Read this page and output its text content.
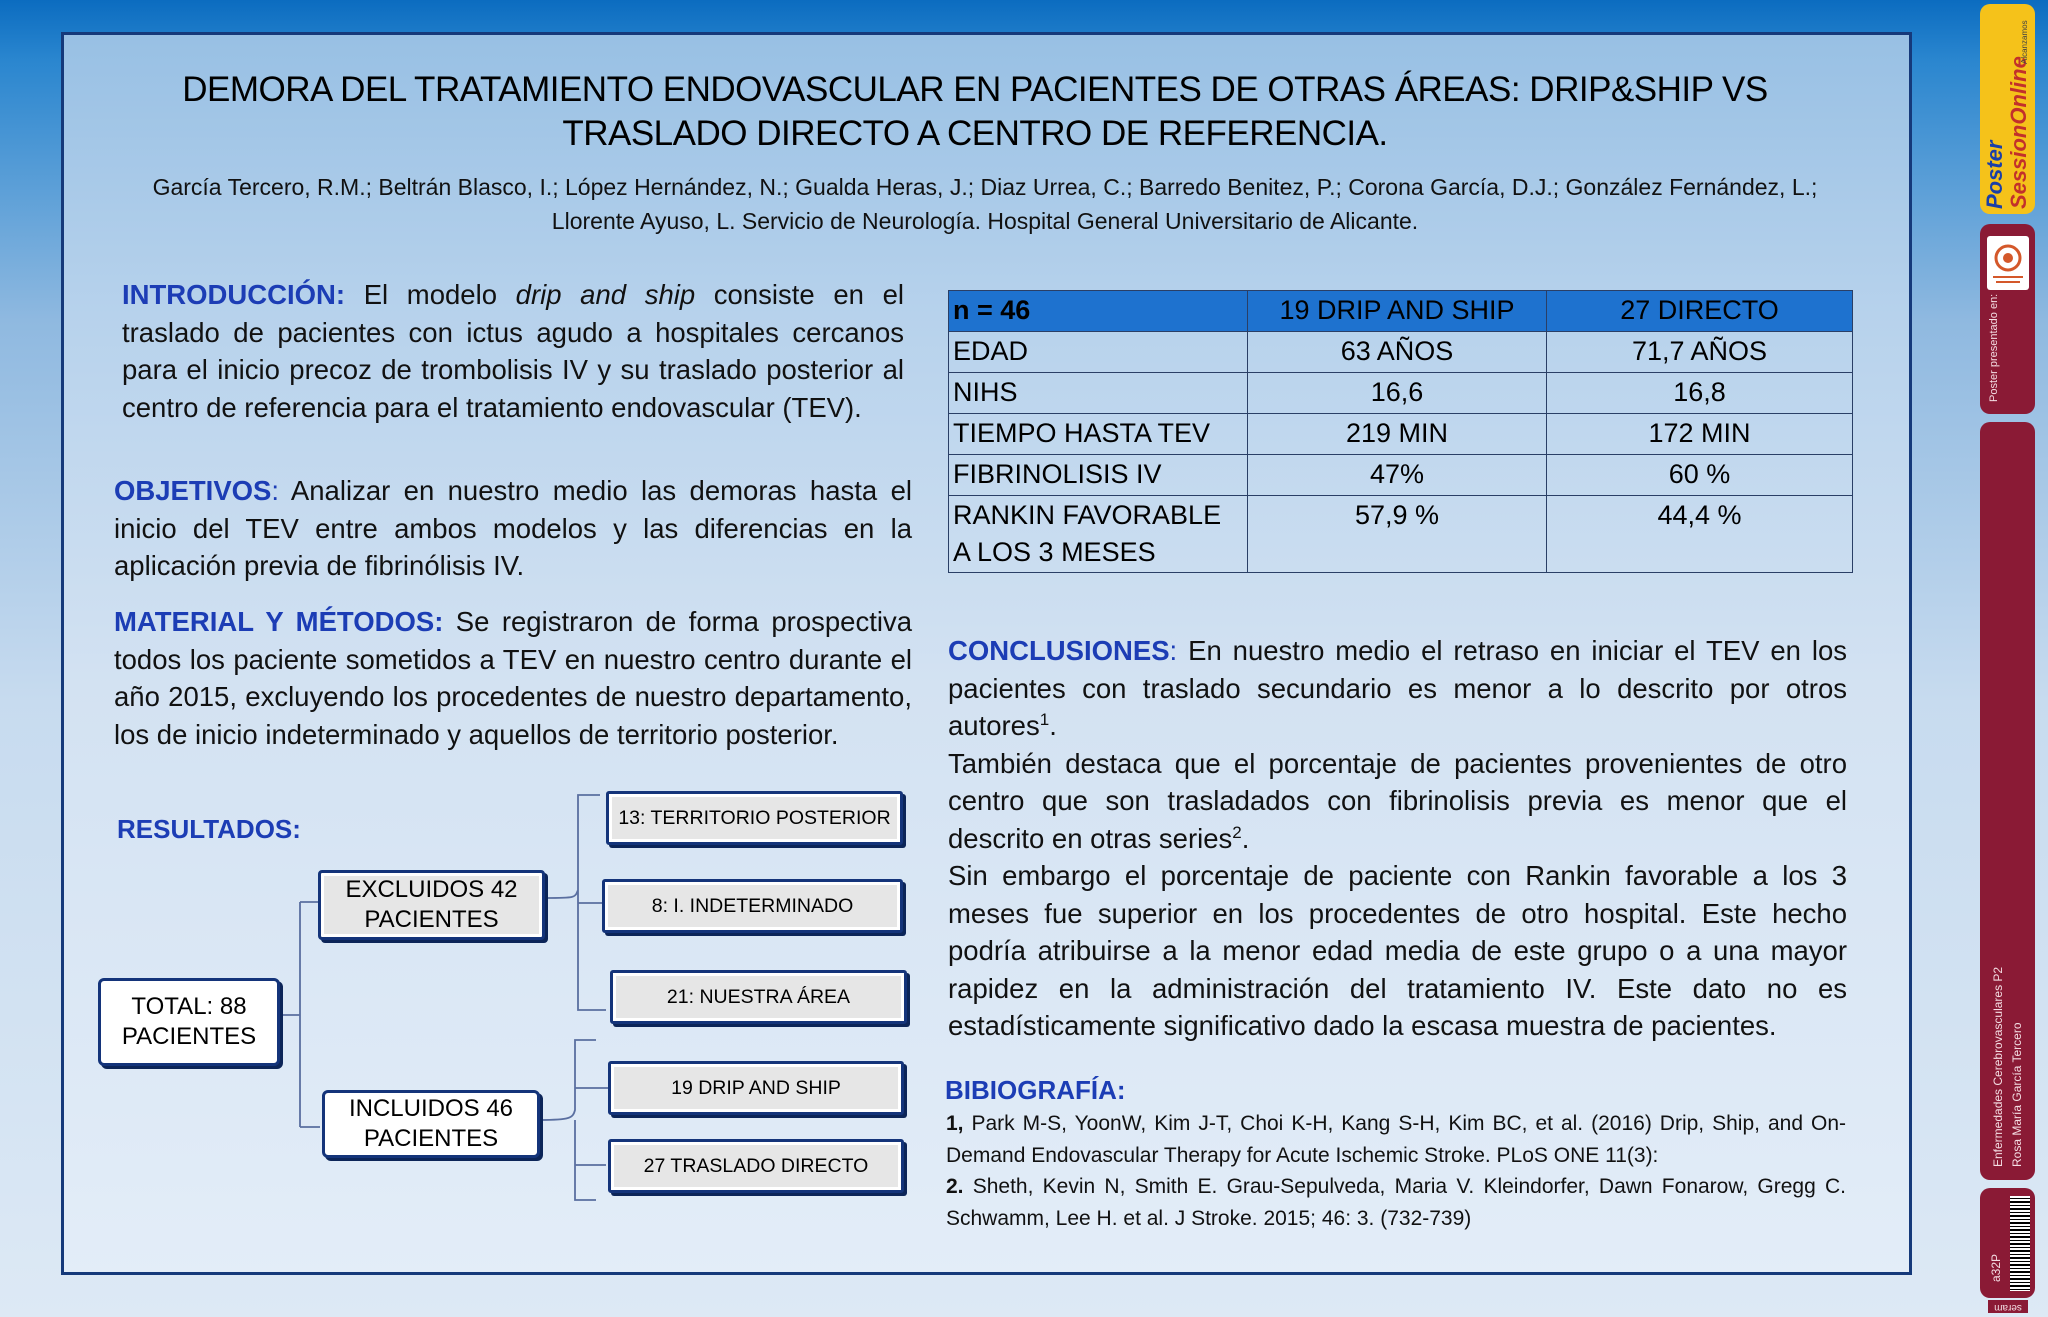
DEMORA DEL TRATAMIENTO ENDOVASCULAR EN PACIENTES DE OTRAS ÁREAS: DRIP&SHIP VS TRASLADO DIRECTO A CENTRO DE REFERENCIA.
García Tercero, R.M.; Beltrán Blasco, I.; López Hernández, N.; Gualda Heras, J.; Diaz Urrea, C.; Barredo Benitez, P.; Corona García, D.J.; González Fernández, L.; Llorente Ayuso, L. Servicio de Neurología. Hospital General Universitario de Alicante.
INTRODUCCIÓN: El modelo drip and ship consiste en el traslado de pacientes con ictus agudo a hospitales cercanos para el inicio precoz de trombolisis IV y su traslado posterior al centro de referencia para el tratamiento endovascular (TEV).
OBJETIVOS: Analizar en nuestro medio las demoras hasta el inicio del TEV entre ambos modelos y las diferencias en la aplicación previa de fibrinólisis IV.
MATERIAL Y MÉTODOS: Se registraron de forma prospectiva todos los paciente sometidos a TEV en nuestro centro durante el año 2015, excluyendo los procedentes de nuestro departamento, los de inicio indeterminado y aquellos de territorio posterior.
RESULTADOS:
TOTAL: 88 PACIENTES
EXCLUIDOS 42 PACIENTES
INCLUIDOS 46 PACIENTES
13: TERRITORIO POSTERIOR
8: I. INDETERMINADO
21: NUESTRA ÁREA
19 DRIP AND SHIP
27 TRASLADO DIRECTO
n = 46	19 DRIP AND SHIP	27 DIRECTO
EDAD	63 AÑOS	71,7 AÑOS
NIHS	16,6	16,8
TIEMPO HASTA TEV	219 MIN	172 MIN
FIBRINOLISIS IV	47%	60 %
RANKIN FAVORABLE A LOS 3 MESES	57,9 %	44,4 %
CONCLUSIONES: En nuestro medio el retraso en iniciar el TEV en los pacientes con traslado secundario es menor a lo descrito por otros autores$^1$.
También destaca que el porcentaje de pacientes provenientes de otro centro que son trasladados con fibrinolisis previa es menor que el descrito en otras series$^2$.
Sin embargo el porcentaje de paciente con Rankin favorable a los 3 meses fue superior en los procedentes de otro hospital. Este hecho podría atribuirse a la menor edad media de este grupo o a una mayor rapidez en la administración del tratamiento IV. Este dato no es estadísticamente significativo dado la escasa muestra de pacientes.
BIBIOGRAFÍA:
1, Park M-S, YoonW, Kim J-T, Choi K-H, Kang S-H, Kim BC, et al. (2016) Drip, Ship, and On- Demand Endovascular Therapy for Acute Ischemic Stroke. PLoS ONE 11(3):
2. Sheth, Kevin N, Smith E. Grau-Sepulveda, Maria V. Kleindorfer, Dawn Fonarow, Gregg C. Schwamm, Lee H. et al. J Stroke. 2015; 46: 3. (732-739)
Poster
SessionOnline
Alcanzamos
Poster presentado en:
Enfermedades Cerebrovasculares P2 Rosa María García Tercero
a32P
seram
